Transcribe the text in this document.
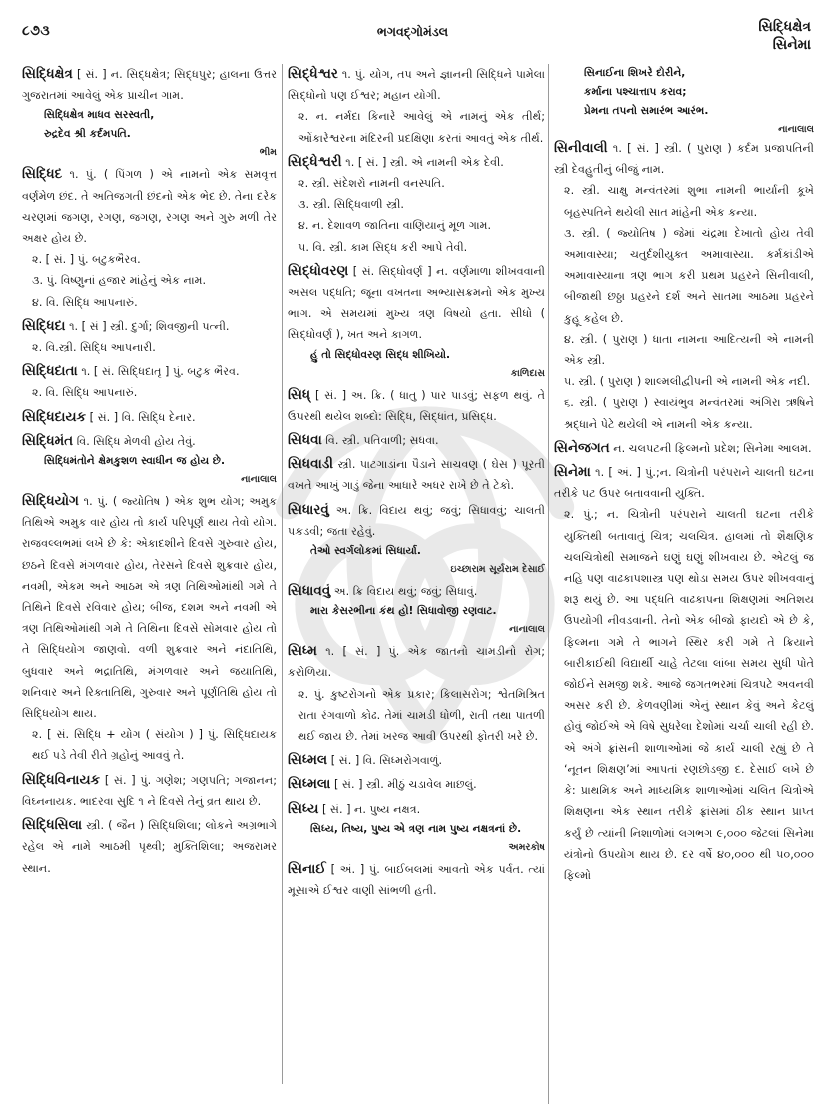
૮૭૩	ભગવદ્ગોમંડલ	સિદ્ધિક્ષેત્ર
સિનેમા

સિદ્ધિક્ષેત્ર [ સં. ] ન. સિદ્ધક્ષેત્ર; સિદ્ધપુર; હાલના ઉત્તર ગુજરાતમાં આવેલું એક પ્રાચીન ગામ.

સિદ્ધિક્ષેત્ર માધવ સરસ્વતી,
રુદ્રદેવ શ્રી કર્દમપતિ.
ભીમ

સિદ્ધિદ ૧. પું. ( પિંગળ ) એ નામનો એક સમવૃત્ત વર્ણમેળ છંદ. તે અતિજગતી છંદનો એક ભેદ છે. તેના દરેક ચરણમાં જગણ, રગણ, જગણ, રગણ અને ગુરુ મળી તેર અક્ષર હોય છે.

૨. [ સં. ] પું. બટુકભૈરવ.

૩. પું. વિષ્ણુનાં હજાર માંહેનું એક નામ.

૪. વિ. સિદ્ધિ આપનારું.

સિદ્ધિદા ૧. [ સં ] સ્ત્રી. દુર્ગા; શિવજીની પત્ની.

૨. વિ.સ્ત્રી. સિદ્ધિ આપનારી.

સિદ્ધિદાતા ૧. [ સં. સિદ્ધિદાતૃ ] પું. બટુક ભૈરવ.

૨. વિ. સિદ્ધિ આપનારું.

સિદ્ધિદાયક [ સં. ] વિ. સિદ્ધિ દેનાર.

સિદ્ધિમંત વિ. સિદ્ધિ મેળવી હોય તેવું.

સિદ્ધિમંતોને ક્ષેમકુશળ સ્વાધીન જ હોય છે.
નાનાલાલ

સિદ્ધિયોગ ૧. પું. ( જ્યોતિષ ) એક શુભ યોગ; અમુક તિથિએ અમુક વાર હોય તો કાર્ય પરિપૂર્ણ થાય તેવો યોગ. રાજવલ્લભમાં લખે છે કે: એકાદશીને દિવસે ગુરુવાર હોય, છઠને દિવસે મંગળવાર હોય, તેરસને દિવસે શુક્રવાર હોય, નવમી, એકમ અને આઠમ એ ત્રણ તિથિઓમાંથી ગમે તે તિથિને દિવસે રવિવાર હોય; બીજ, દશમ અને નવમી એ ત્રણ તિથિઓમાંથી ગમે તે તિથિના દિવસે સોમવાર હોય તો તે સિદ્ધિયોગ જાણવો. વળી શુક્રવાર અને નંદાતિથિ, બુધવાર અને ભદ્રાતિથિ, મંગળવાર અને જયાતિથિ, શનિવાર અને રિક્તાતિથિ, ગુરુવાર અને પૂર્ણતિથિ હોય તો સિદ્ધિયોગ થાય.

૨. [ સં. સિદ્ધિ + યોગ ( સંયોગ ) ] પું. સિદ્ધિદાયક થઈ પડે તેવી રીતે ગ્રહોનું આવવું તે.

સિદ્ધિવિનાયક [ સં. ] પું. ગણેશ; ગણપતિ; ગજાનન; વિઘ્નનાયક. ભાદરવા સુદિ ૧ ને દિવસે તેનું વ્રત થાય છે.

સિદ્ધિસિલા સ્ત્રી. ( જૈન ) સિદ્ધિશિલા; લોકને અગ્રભાગે રહેલ એ નામે આઠમી પૃથ્વી; મુક્તિશિલા; અજરામર સ્થાન.

સિદ્ધેશ્વર ૧. પું. યોગ, તપ અને જ્ઞાનની સિદ્ધિને પામેલા સિદ્ધોનો પણ ઈશ્વર; મહાન યોગી.

૨. ન. નર્મદા કિનારે આવેલું એ નામનું એક તીર્થ; ઓંકારેશ્વરના મંદિરની પ્રદક્ષિણા કરતાં આવતું એક તીર્થ.

સિદ્ધેશ્વરી ૧. [ સં. ] સ્ત્રી. એ નામની એક દેવી.

૨. સ્ત્રી. સંદેશરો નામની વનસ્પતિ.

૩. સ્ત્રી. સિદ્ધિવાળી સ્ત્રી.

૪. ન. દેશાવળ જાતિના વાણિયાનું મૂળ ગામ.

૫. વિ. સ્ત્રી. કામ સિદ્ધ કરી આપે તેવી.

સિદ્ધોવરણ [ સં. સિદ્ધોવર્ણ ] ન. વર્ણમાળા શીખવવાની અસલ પદ્ધતિ; જૂના વખતના અભ્યાસક્રમનો એક મુખ્ય ભાગ. એ સમયમાં મુખ્ય ત્રણ વિષયો હતા. સીધો ( સિદ્ધોવર્ણ ), ખત અને કાગળ.

હું તો સિદ્ધોવરણ સિદ્ધ શીખિયો.
કાળિદાસ

સિધ્ [ સં. ] અ. ક્રિ. ( ધાતુ ) પાર પાડવું; સફળ થવું. તે ઉપરથી થયેલ શબ્દો: સિદ્ધિ, સિદ્ધાંત, પ્રસિદ્ધ.

સિધવા વિ. સ્ત્રી. પતિવાળી; સધવા.

સિધવાડી સ્ત્રી. પાટગાડાંના પૈડાને સાચવણ ( ઘેસ ) પૂરતી વખતે આખું ગાડું જેના આધારે અધર રાખે છે તે ટેકો.

સિધારવું અ. ક્રિ. વિદાય થવું; જવું; સિધાવવું; ચાલતી પકડવી; જતા રહેવું.

તેઓ સ્વર્ગલોકમાં સિધાર્યા.
ઇચ્છારામ સૂર્યરામ દેસાઈ

સિધાવવું અ. ક્રિ વિદાય થવું; જવું; સિધાવું.

મારા કેસરભીના કંથ હો! સિધાવોજી રણવાટ.
નાનાલાલ

સિધ્મ ૧. [ સં. ] પું. એક જાતનો ચામડીનો રોગ; કરોળિયા.

૨. પું. કુષ્ટરોગનો એક પ્રકાર; કિલાસરોગ; શ્વેતમિશ્રિત રાતા રંગવાળો કોઢ. તેમાં ચામડી ધોળી, રાતી તથા પાતળી થઈ જાય છે. તેમાં ખરજ આવી ઉપરથી ફોતરી ખરે છે.

સિધ્મલ [ સં. ] વિ. સિધ્મરોગવાળું.

સિધ્મલા [ સં. ] સ્ત્રી. મીઠું ચડાવેલ માછલું.

સિધ્ય [ સં. ] ન. પુષ્ય નક્ષત્ર.

સિધ્ય, તિષ્ય, પુષ્ય એ ત્રણ નામ પુષ્ય નક્ષત્રનાં છે.
અમરકોષ

સિનાઈ [ અં. ] પું. બાઈબલમાં આવતો એક પર્વત. ત્યાં મૂસાએ ઈશ્વર વાણી સાંભળી હતી.

સિનાઈના શિખરે દોરીને,
કર્માના પશ્ચાત્તાપ કરાવ;
પ્રેમના તપનો સમારંભ આરંભ.
નાનાલાલ

સિનીવાલી ૧. [ સં. ] સ્ત્રી. ( પુરાણ ) કર્દમ પ્રજાપતિની સ્ત્રી દેવહુતીનું બીજું નામ.

૨. સ્ત્રી. ચાક્ષુ મન્વંતરમાં શુભા નામની ભાર્યાની કૂખે બૃહસ્પતિને થયેલી સાત માંહેની એક કન્યા.

૩. સ્ત્રી. ( જ્યોતિષ ) જેમાં ચંદ્રમા દેખાતો હોય તેવી અમાવાસ્યા; ચતુર્દશીયુક્ત અમાવાસ્યા. કર્મકાંડીએ અમાવાસ્યાના ત્રણ ભાગ કરી પ્રથમ પ્રહરને સિનીવાલી, બીજાથી છઠ્ઠા પ્રહરને દર્શ અને સાતમા આઠમા પ્રહરને કુહૂ કહેલ છે.

૪. સ્ત્રી. ( પુરાણ ) ધાતા નામના આદિત્યની એ નામની એક સ્ત્રી.

૫. સ્ત્રી. ( પુરાણ ) શાલ્મલીદ્વીપની એ નામની એક નદી.

૬. સ્ત્રી. ( પુરાણ ) સ્વાયંભુવ મન્વંતરમાં અંગિરા ઋષિને શ્રદ્ધાને પેટે થયેલી એ નામની એક કન્યા.

સિનેજગત ન. ચલપટની ફિલ્મનો પ્રદેશ; સિનેમા આલમ.

સિનેમા ૧. [ અં. ] પું.;ન. ચિત્રોની પરંપરાને ચાલતી ઘટના તરીકે પટ ઉપર બતાવવાની યુક્તિ.

૨. પું.; ન. ચિત્રોની પરંપરાને ચાલતી ઘટના તરીકે યુક્તિથી બતાવાતું ચિત્ર; ચલચિત્ર. હાલમાં તો શૈક્ષણિક ચલચિત્રોથી સમાજને ઘણું ઘણું શીખવાય છે. એટલું જ નહિ પણ વાઢકાપશાસ્ત્ર પણ થોડા સમય ઉપર શીખવવાનું શરૂ થયું છે. આ પદ્ધતિ વાઢકાપના શિક્ષણમાં અતિશય ઉપયોગી નીવડવાની. તેનો એક બીજો ફાયદો એ છે કે, ફિલ્મના ગમે તે ભાગને સ્થિર કરી ગમે તે ક્રિયાને બારીકાઈથી વિદ્યાર્થી ચાહે તેટલા લાંબા સમય સુધી પોતે જોઈને સમજી શકે. આજે જગતભરમાં ચિત્રપટે અવનવી અસર કરી છે. કેળવણીમાં એનું સ્થાન કેવું અને કેટલું હોવું જોઈએ એ વિષે સુધરેલા દેશોમાં ચર્ચા ચાલી રહી છે. એ અંગે ફ્રાંસની શાળાઓમાં જે કાર્ય ચાલી રહ્યું છે તે ‘નૂતન શિક્ષણ’માં આપતાં રણછોડજી દ. દેસાઈ લખે છે કે: પ્રાથમિક અને માધ્યમિક શાળાઓમાં ચલિત ચિત્રોએ શિક્ષણના એક સ્થાન તરીકે ફ્રાંસમાં ઠીક સ્થાન પ્રાપ્ત કર્યું છે ત્યાંની નિશાળોમાં લગભગ ૯,૦૦૦ જેટલાં સિનેમા યંત્રોનો ઉપયોગ થાય છે. દર વર્ષે ૪૦,૦૦૦ થી ૫૦,૦૦૦ ફિલ્મો
